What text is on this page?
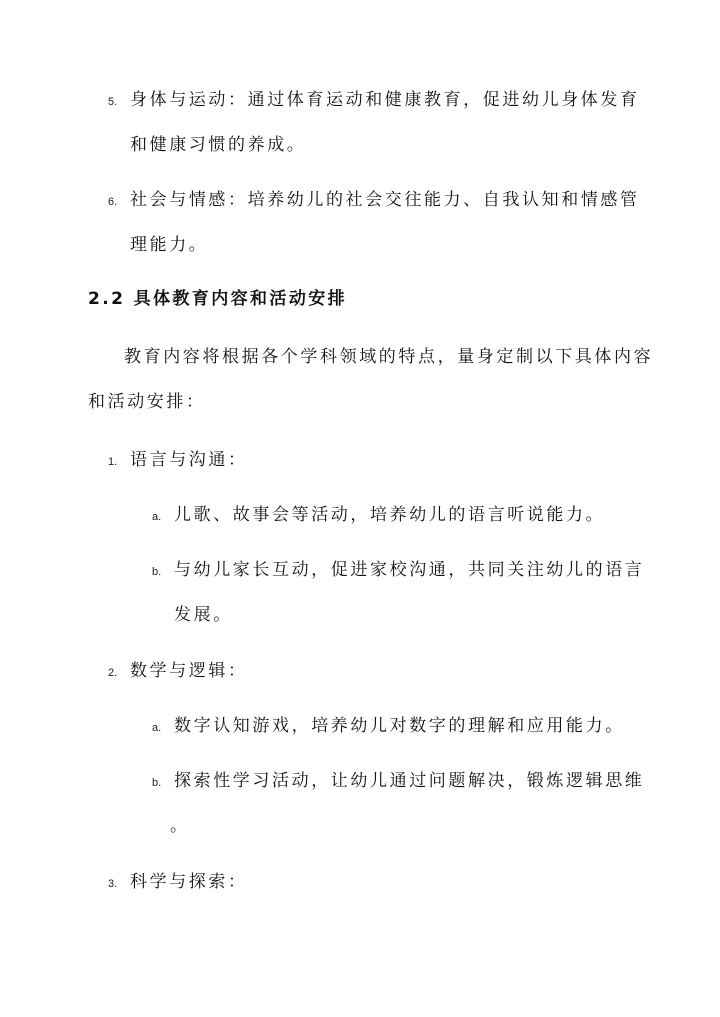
5. 身体与运动：通过体育运动和健康教育，促进幼儿身体发育
和健康习惯的养成。
6. 社会与情感：培养幼儿的社会交往能力、自我认知和情感管
理能力。
2.2 具体教育内容和活动安排
教育内容将根据各个学科领域的特点，量身定制以下具体内容
和活动安排：
1. 语言与沟通：
a. 儿歌、故事会等活动，培养幼儿的语言听说能力。
b. 与幼儿家长互动，促进家校沟通，共同关注幼儿的语言
发展。
2. 数学与逻辑：
a. 数字认知游戏，培养幼儿对数字的理解和应用能力。
b. 探索性学习活动，让幼儿通过问题解决，锻炼逻辑思维
。
3. 科学与探索：
